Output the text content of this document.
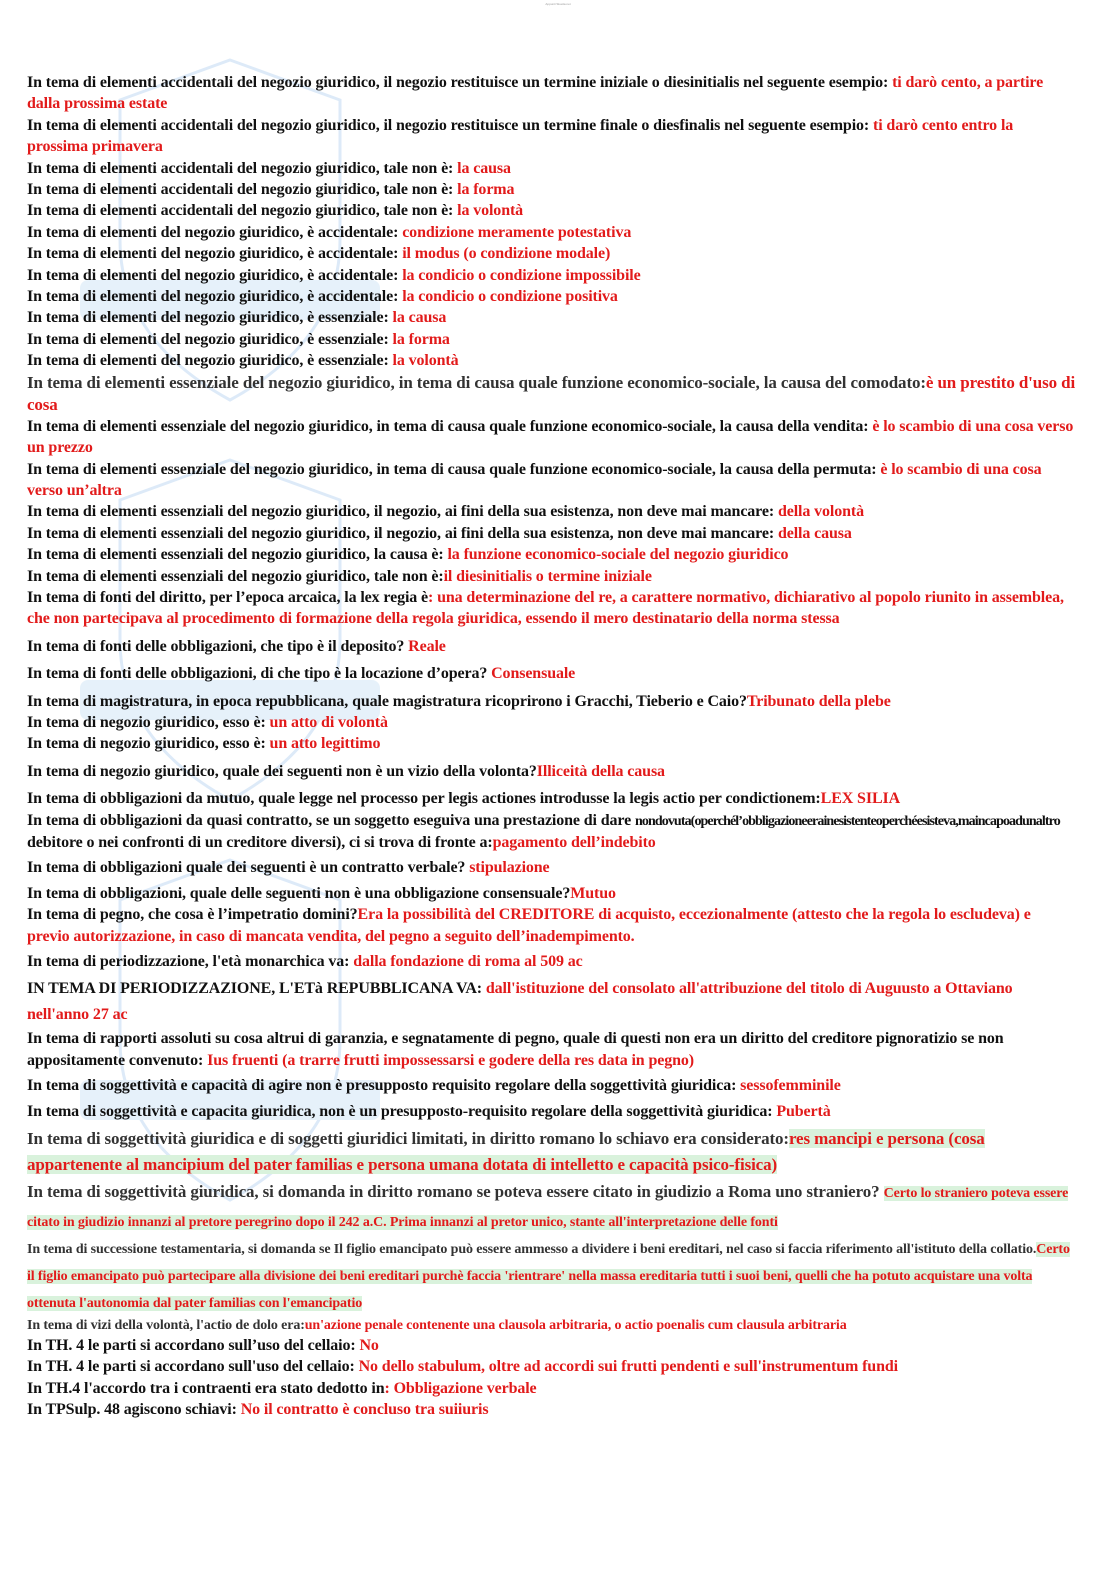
Appunti Skuola.net

In tema di elementi accidentali del negozio giuridico, il negozio restituisce un termine iniziale o diesinitialis nel seguente esempio: ti darò cento, a partire dalla prossima estate

In tema di elementi accidentali del negozio giuridico, il negozio restituisce un termine finale o diesfinalis nel seguente esempio: ti darò cento entro la prossima primavera

In tema di elementi accidentali del negozio giuridico, tale non è: la causa

In tema di elementi accidentali del negozio giuridico, tale non è: la forma

In tema di elementi accidentali del negozio giuridico, tale non è: la volontà

In tema di elementi del negozio giuridico, è accidentale: condizione meramente potestativa

In tema di elementi del negozio giuridico, è accidentale: il modus (o condizione modale)

In tema di elementi del negozio giuridico, è accidentale: la condicio o condizione impossibile

In tema di elementi del negozio giuridico, è accidentale: la condicio o condizione positiva

In tema di elementi del negozio giuridico, è essenziale: la causa

In tema di elementi del negozio giuridico, è essenziale: la forma

In tema di elementi del negozio giuridico, è essenziale: la volontà

In tema di elementi essenziale del negozio giuridico, in tema di causa quale funzione economico-sociale, la causa del comodato:è un prestito d'uso di cosa

In tema di elementi essenziale del negozio giuridico, in tema di causa quale funzione economico-sociale, la causa della vendita: è lo scambio di una cosa verso un prezzo

In tema di elementi essenziale del negozio giuridico, in tema di causa quale funzione economico-sociale, la causa della permuta: è lo scambio di una cosa verso un’altra

In tema di elementi essenziali del negozio giuridico, il negozio, ai fini della sua esistenza, non deve mai mancare: della volontà

In tema di elementi essenziali del negozio giuridico, il negozio, ai fini della sua esistenza, non deve mai mancare: della causa

In tema di elementi essenziali del negozio giuridico, la causa è: la funzione economico-sociale del negozio giuridico

In tema di elementi essenziali del negozio giuridico, tale non è:il diesinitialis o termine iniziale

In tema di fonti del diritto, per l’epoca arcaica, la lex regia è: una determinazione del re, a carattere normativo, dichiarativo al popolo riunito in assemblea, che non partecipava al procedimento di formazione della regola giuridica, essendo il mero destinatario della norma stessa

In tema di fonti delle obbligazioni, che tipo è il deposito? Reale

In tema di fonti delle obbligazioni, di che tipo è la locazione d’opera? Consensuale

In tema di magistratura, in epoca repubblicana, quale magistratura ricoprirono i Gracchi, Tieberio e Caio?Tribunato della plebe

In tema di negozio giuridico, esso è: un atto di volontà

In tema di negozio giuridico, esso è: un atto legittimo

In tema di negozio giuridico, quale dei seguenti non è un vizio della volonta?Illiceità della causa

In tema di obbligazioni da mutuo, quale legge nel processo per legis actiones introdusse la legis actio per condictionem:LEX SILIA

In tema di obbligazioni da quasi contratto, se un soggetto eseguiva una prestazione di dare nondovuta(operchél’obbligazioneerainesistenteoperchéesisteva,maincapoadunaltro debitore o nei confronti di un creditore diversi), ci si trova di fronte a:pagamento dell’indebito

In tema di obbligazioni quale dei seguenti è un contratto verbale? stipulazione

In tema di obbligazioni, quale delle seguenti non è una obbligazione consensuale?Mutuo

In tema di pegno, che cosa è l’impetratio domini?Era la possibilità del CREDITORE di acquisto, eccezionalmente (attesto che la regola lo escludeva) e previo autorizzazione, in caso di mancata vendita, del pegno a seguito dell’inadempimento.

In tema di periodizzazione, l'età monarchica va: dalla fondazione di roma al 509 ac

IN TEMA DI PERIODIZZAZIONE, L'ETà REPUBBLICANA VA: dall'istituzione del consolato all'attribuzione del titolo di Auguusto a Ottaviano nell'anno 27 ac

In tema di rapporti assoluti su cosa altrui di garanzia, e segnatamente di pegno, quale di questi non era un diritto del creditore pignoratizio se non appositamente convenuto: Ius fruenti (a trarre frutti impossessarsi e godere della res data in pegno)

In tema di soggettività e capacità di agire non è presupposto requisito regolare della soggettività giuridica: sessofemminile

In tema di soggettività e capacita giuridica, non è un presupposto-requisito regolare della soggettività giuridica: Pubertà

In tema di soggettività giuridica e di soggetti giuridici limitati, in diritto romano lo schiavo era considerato:res mancipi e persona (cosa appartenente al mancipium del pater familias e persona umana dotata di intelletto e capacità psico-fisica)

In tema di soggettività giuridica, si domanda in diritto romano se poteva essere citato in giudizio a Roma uno straniero? Certo lo straniero poteva essere citato in giudizio innanzi al pretore peregrino dopo il 242 a.C. Prima innanzi al pretor unico, stante all'interpretazione delle fonti

In tema di successione testamentaria, si domanda se Il figlio emancipato può essere ammesso a dividere i beni ereditari, nel caso si faccia riferimento all'istituto della collatio.Certo il figlio emancipato può partecipare alla divisione dei beni ereditari purchè faccia 'rientrare' nella massa ereditaria tutti i suoi beni, quelli che ha potuto acquistare una volta ottenuta l'autonomia dal pater familias con l'emancipatio

In tema di vizi della volontà, l'actio de dolo era:un'azione penale contenente una clausola arbitraria, o actio poenalis cum clausula arbitraria

In TH. 4 le parti si accordano sull’uso del cellaio: No

In TH. 4 le parti si accordano sull'uso del cellaio: No dello stabulum, oltre ad accordi sui frutti pendenti e sull'instrumentum fundi

In TH.4 l'accordo tra i contraenti era stato dedotto in: Obbligazione verbale

In TPSulp. 48 agiscono schiavi: No il contratto è concluso tra suiiuris
